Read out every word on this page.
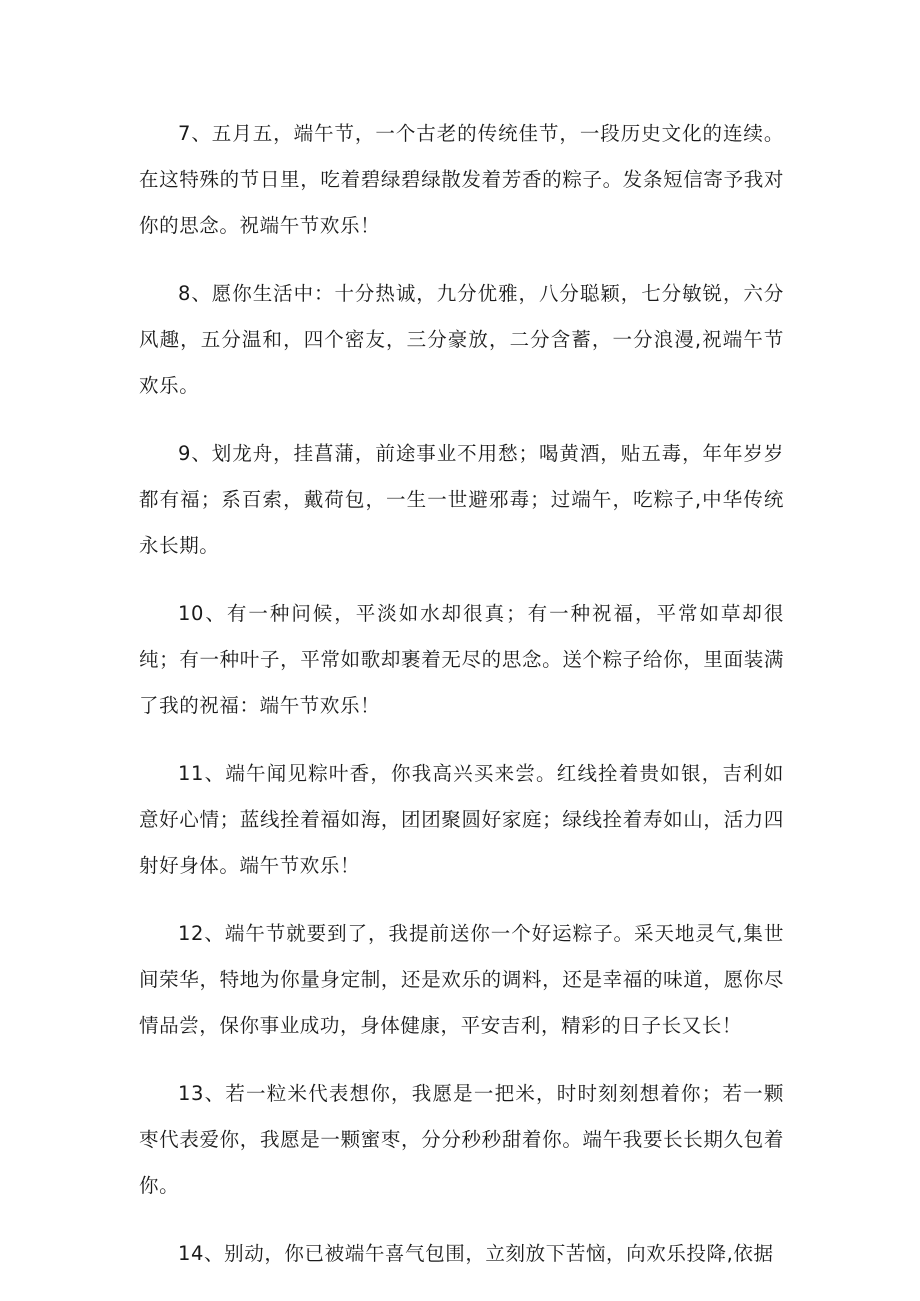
7、五月五，端午节，一个古老的传统佳节，一段历史文化的连续。在这特殊的节日里，吃着碧绿碧绿散发着芳香的粽子。发条短信寄予我对你的思念。祝端午节欢乐！

8、愿你生活中：十分热诚，九分优雅，八分聪颖，七分敏锐，六分风趣，五分温和，四个密友，三分豪放，二分含蓄，一分浪漫,祝端午节欢乐。

9、划龙舟，挂菖蒲，前途事业不用愁；喝黄酒，贴五毒，年年岁岁都有福；系百索，戴荷包，一生一世避邪毒；过端午，吃粽子,中华传统永长期。

10、有一种问候，平淡如水却很真；有一种祝福，平常如草却很纯；有一种叶子，平常如歌却裹着无尽的思念。送个粽子给你，里面装满了我的祝福：端午节欢乐！

11、端午闻见粽叶香，你我高兴买来尝。红线拴着贵如银，吉利如意好心情；蓝线拴着福如海，团团聚圆好家庭；绿线拴着寿如山，活力四射好身体。端午节欢乐！

12、端午节就要到了，我提前送你一个好运粽子。采天地灵气,集世间荣华，特地为你量身定制，还是欢乐的调料，还是幸福的味道，愿你尽情品尝，保你事业成功，身体健康，平安吉利，精彩的日子长又长！

13、若一粒米代表想你，我愿是一把米，时时刻刻想着你；若一颗枣代表爱你，我愿是一颗蜜枣，分分秒秒甜着你。端午我要长长期久包着你。

14、别动，你已被端午喜气包围，立刻放下苦恼，向欢乐投降,依据
